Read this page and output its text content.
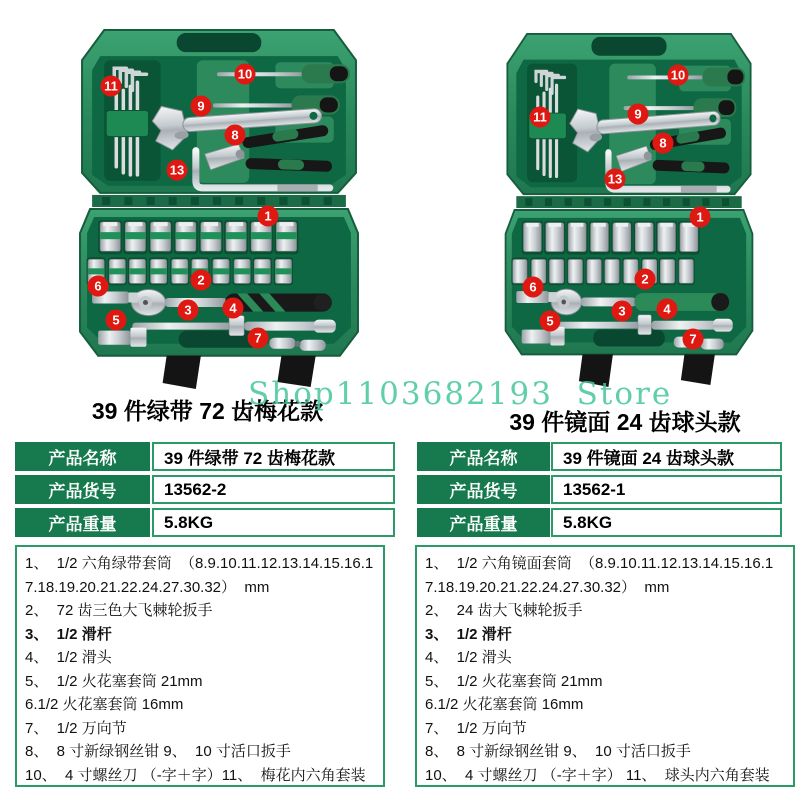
11
10
9
8
13
1
2
3	4
5
6
7
11
10
9
8
13
1
2
3	4
5
6
7
39 件绿带 72 齿梅花款	39 件镜面 24 齿球头款
Shop1103682193  Store
产品名称	39 件绿带 72 齿梅花款
产品货号	13562-2
产品重量	5.8KG
产品名称	39 件镜面 24 齿球头款
产品货号	13562-1
产品重量	5.8KG
1、  1/2 六角绿带套筒  （8.9.10.11.12.13.14.15.16.17.18.19.20.21.22.24.27.30.32）  mm
2、  72 齿三色大飞棘轮扳手
3、  1/2 滑杆
4、  1/2 滑头
5、  1/2 火花塞套筒 21mm
6.1/2 火花塞套筒 16mm
7、  1/2 万向节
8、  8 寸新绿钢丝钳 9、  10 寸活口扳手
10、  4 寸螺丝刀 （-字＋字）11、  梅花内六角套装
1、  1/2 六角镜面套筒  （8.9.10.11.12.13.14.15.16.17.18.19.20.21.22.24.27.30.32）  mm
2、  24 齿大飞棘轮扳手
3、  1/2 滑杆
4、  1/2 滑头
5、  1/2 火花塞套筒 21mm
6.1/2 火花塞套筒 16mm
7、  1/2 万向节
8、  8 寸新绿钢丝钳 9、  10 寸活口扳手
10、  4 寸螺丝刀 （-字＋字） 11、  球头内六角套装
